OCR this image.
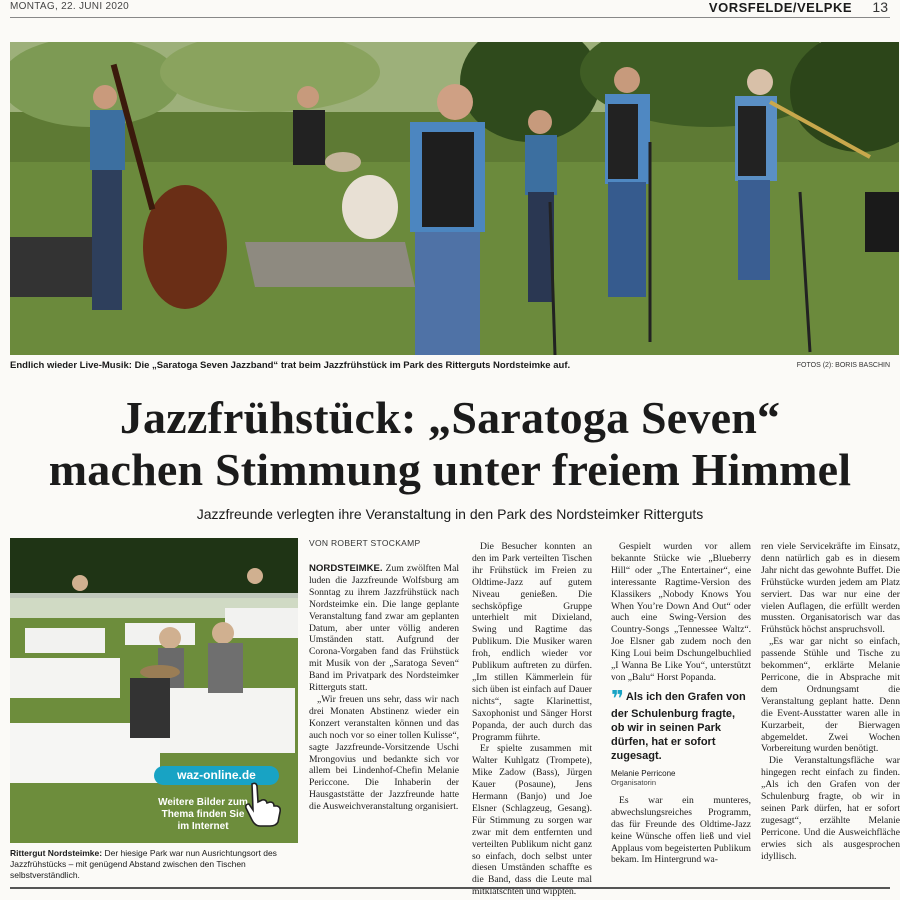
MONTAG, 22. JUNI 2020	VORSFELDE/VELPKE 13
Endlich wieder Live-Musik: Die „Saratoga Seven Jazzband“ trat beim Jazzfrühstück im Park des Ritterguts Nordsteimke auf.	FOTOS (2): BORIS BASCHIN
Jazzfrühstück: „Saratoga Seven“
machen Stimmung unter freiem Himmel
Jazzfreunde verlegten ihre Veranstaltung in den Park des Nordsteimker Ritterguts
waz-online.de
Weitere Bilder zum Thema finden Sie im Internet
Rittergut Nordsteimke: Der hiesige Park war nun Ausrichtungsort des Jazzfrühstücks – mit genügend Abstand zwischen den Tischen selbstverständlich.
VON ROBERT STOCKAMP

NORDSTEIMKE. Zum zwölften Mal luden die Jazzfreunde Wolfsburg am Sonntag zu ihrem Jazzfrühstück nach Nordsteimke ein. Die lange geplante Veranstaltung fand zwar am geplanten Datum, aber unter völlig anderen Umständen statt. Aufgrund der Corona-Vorgaben fand das Frühstück mit Musik von der „Saratoga Seven“ Band im Privatpark des Nordsteimker Ritterguts statt.

„Wir freuen uns sehr, dass wir nach drei Monaten Abstinenz wieder ein Konzert veranstalten können und das auch noch vor so einer tollen Kulisse“, sagte Jazzfreunde-Vorsitzende Uschi Mrongovius und bedankte sich vor allem bei Lindenhof-Chefin Melanie Periccone. Die Inhaberin der Hausgaststätte der Jazzfreunde hatte die Ausweichveranstaltung organisiert.

Die Besucher konnten an den im Park verteilten Tischen ihr Frühstück im Freien zu Oldtime-Jazz auf gutem Niveau genießen. Die sechsköpfige Gruppe unterhielt mit Dixieland, Swing und Ragtime das Publikum. Die Musiker waren froh, endlich wieder vor Publikum auftreten zu dürfen. „Im stillen Kämmerlein für sich üben ist einfach auf Dauer nichts“, sagte Klarinettist, Saxophonist und Sänger Horst Popanda, der auch durch das Programm führte.

Er spielte zusammen mit Walter Kuhlgatz (Trompete), Mike Zadow (Bass), Jürgen Kauer (Posaune), Jens Hermann (Banjo) und Joe Elsner (Schlagzeug, Gesang). Für Stimmung zu sorgen war zwar mit dem entfernten und verteilten Publikum nicht ganz so einfach, doch selbst unter diesen Umständen schaffte es die Band, dass die Leute mal mitklatschten und wippten.

Gespielt wurden vor allem bekannte Stücke wie „Blueberry Hill“ oder „The Entertainer“, eine interessante Ragtime-Version des Klassikers „Nobody Knows You When You’re Down And Out“ oder auch eine Swing-Version des Country-Songs „Tennessee Waltz“. Joe Elsner gab zudem noch den King Loui beim Dschungelbuchlied „I Wanna Be Like You“, unterstützt von „Balu“ Horst Popanda.

❞ Als ich den Grafen von der Schulenburg fragte, ob wir in seinen Park dürfen, hat er sofort zugesagt.
Melanie Perricone
Organisatorin

Es war ein munteres, abwechslungsreiches Programm, das für Freunde des Oldtime-Jazz keine Wünsche offen ließ und viel Applaus vom begeisterten Publikum bekam. Im Hintergrund wa-

ren viele Servicekräfte im Einsatz, denn natürlich gab es in diesem Jahr nicht das gewohnte Buffet. Die Frühstücke wurden jedem am Platz serviert. Das war nur eine der vielen Auflagen, die erfüllt werden mussten. Organisatorisch war das Frühstück höchst anspruchsvoll.

„Es war gar nicht so einfach, passende Stühle und Tische zu bekommen“, erklärte Melanie Perricone, die in Absprache mit dem Ordnungsamt die Veranstaltung geplant hatte. Denn die Event-Ausstatter waren alle in Kurzarbeit, der Bierwagen abgemeldet. Zwei Wochen Vorbereitung wurden benötigt.

Die Veranstaltungsfläche war hingegen recht einfach zu finden. „Als ich den Grafen von der Schulenburg fragte, ob wir in seinen Park dürfen, hat er sofort zugesagt“, erzählte Melanie Perricone. Und die Ausweichfläche erwies sich als ausgesprochen idyllisch.
